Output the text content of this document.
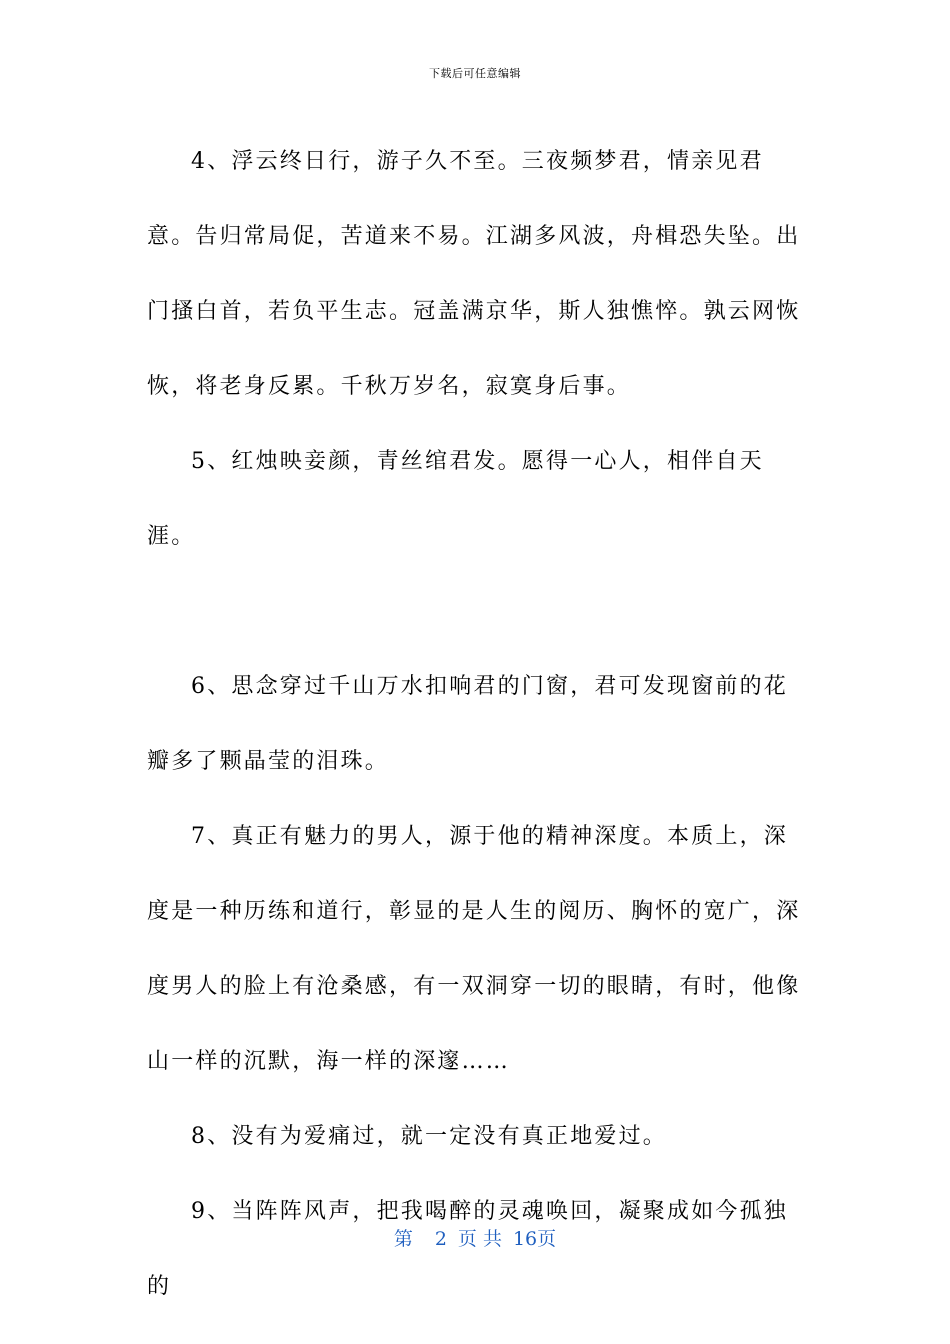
下载后可任意编辑

4、浮云终日行，游子久不至。三夜频梦君，情亲见君意。告归常局促，苦道来不易。江湖多风波，舟楫恐失坠。出门搔白首，若负平生志。冠盖满京华，斯人独憔悴。孰云网恢恢，将老身反累。千秋万岁名，寂寞身后事。

5、红烛映妾颜，青丝绾君发。愿得一心人，相伴自天涯。

6、思念穿过千山万水扣响君的门窗，君可发现窗前的花瓣多了颗晶莹的泪珠。

7、真正有魅力的男人，源于他的精神深度。本质上，深度是一种历练和道行，彰显的是人生的阅历、胸怀的宽广，深度男人的脸上有沧桑感，有一双洞穿一切的眼睛，有时，他像山一样的沉默，海一样的深邃……

8、没有为爱痛过，就一定没有真正地爱过。

9、当阵阵风声，把我喝醉的灵魂唤回，凝聚成如今孤独的

第 2 页 共 16页
